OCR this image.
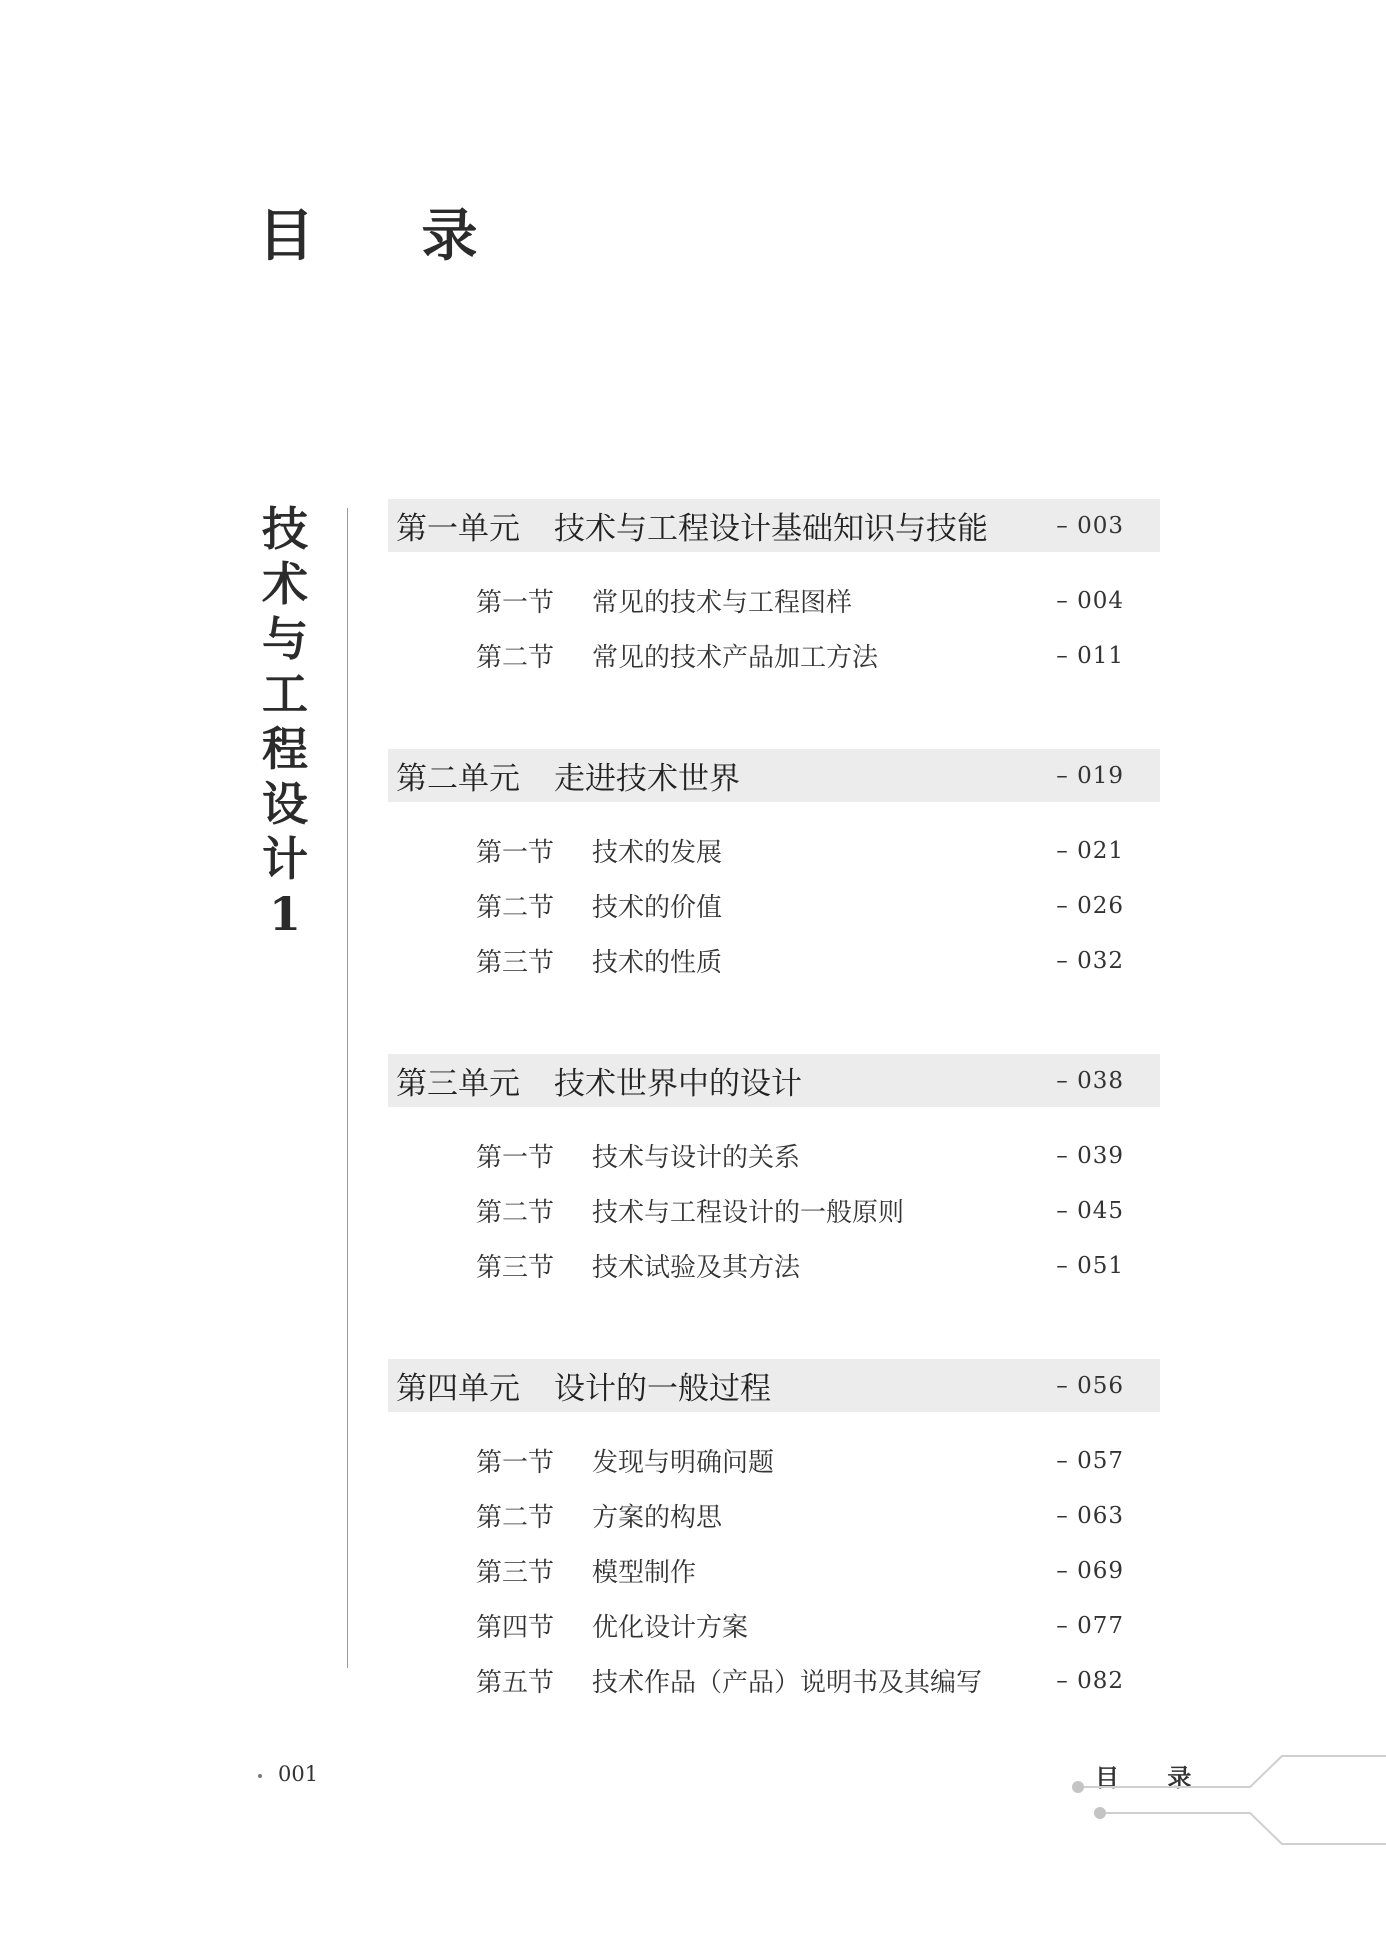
目 录
技
术
与
工
程
设
计
1
第一单元	技术与工程设计基础知识与技能	– 003
第一节	常见的技术与工程图样	– 004
第二节	常见的技术产品加工方法	– 011
第二单元	走进技术世界	– 019
第一节	技术的发展	– 021
第二节	技术的价值	– 026
第三节	技术的性质	– 032
第三单元	技术世界中的设计	– 038
第一节	技术与设计的关系	– 039
第二节	技术与工程设计的一般原则	– 045
第三节	技术试验及其方法	– 051
第四单元	设计的一般过程	– 056
第一节	发现与明确问题	– 057
第二节	方案的构思	– 063
第三节	模型制作	– 069
第四节	优化设计方案	– 077
第五节	技术作品（产品）说明书及其编写	– 082
001	目 录
